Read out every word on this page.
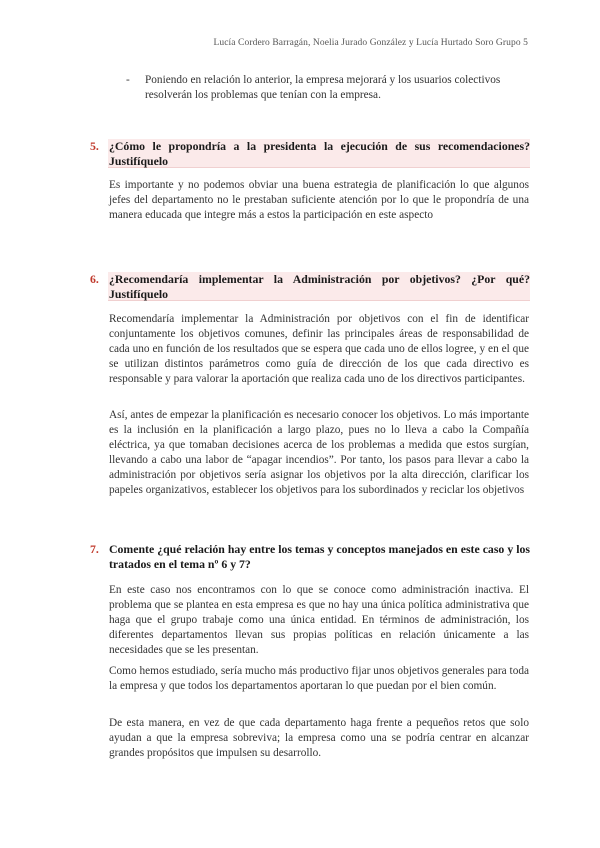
Lucía Cordero Barragán, Noelia Jurado González y Lucía Hurtado Soro Grupo 5
- Poniendo en relación lo anterior, la empresa mejorará y los usuarios colectivos resolverán los problemas que tenían con la empresa.
5. ¿Cómo le propondría a la presidenta la ejecución de sus recomendaciones? Justifíquelo

Es importante y no podemos obviar una buena estrategia de planificación lo que algunos jefes del departamento no le prestaban suficiente atención por lo que le propondría de una manera educada que integre más a estos la participación en este aspecto

6. ¿Recomendaría implementar la Administración por objetivos? ¿Por qué? Justifíquelo

Recomendaría implementar la Administración por objetivos con el fin de identificar conjuntamente los objetivos comunes, definir las principales áreas de responsabilidad de cada uno en función de los resultados que se espera que cada uno de ellos logree, y en el que se utilizan distintos parámetros como guía de dirección de los que cada directivo es responsable y para valorar la aportación que realiza cada uno de los directivos participantes.

Así, antes de empezar la planificación es necesario conocer los objetivos. Lo más importante es la inclusión en la planificación a largo plazo, pues no lo lleva a cabo la Compañía eléctrica, ya que tomaban decisiones acerca de los problemas a medida que estos surgían, llevando a cabo una labor de “apagar incendios”. Por tanto, los pasos para llevar a cabo la administración por objetivos sería asignar los objetivos por la alta dirección, clarificar los papeles organizativos, establecer los objetivos para los subordinados y reciclar los objetivos

7. Comente ¿qué relación hay entre los temas y conceptos manejados en este caso y los tratados en el tema nº 6 y 7?

En este caso nos encontramos con lo que se conoce como administración inactiva. El problema que se plantea en esta empresa es que no hay una única política administrativa que haga que el grupo trabaje como una única entidad. En términos de administración, los diferentes departamentos llevan sus propias políticas en relación únicamente a las necesidades que se les presentan.

Como hemos estudiado, sería mucho más productivo fijar unos objetivos generales para toda la empresa y que todos los departamentos aportaran lo que puedan por el bien común.

De esta manera, en vez de que cada departamento haga frente a pequeños retos que solo ayudan a que la empresa sobreviva; la empresa como una se podría centrar en alcanzar grandes propósitos que impulsen su desarrollo.
